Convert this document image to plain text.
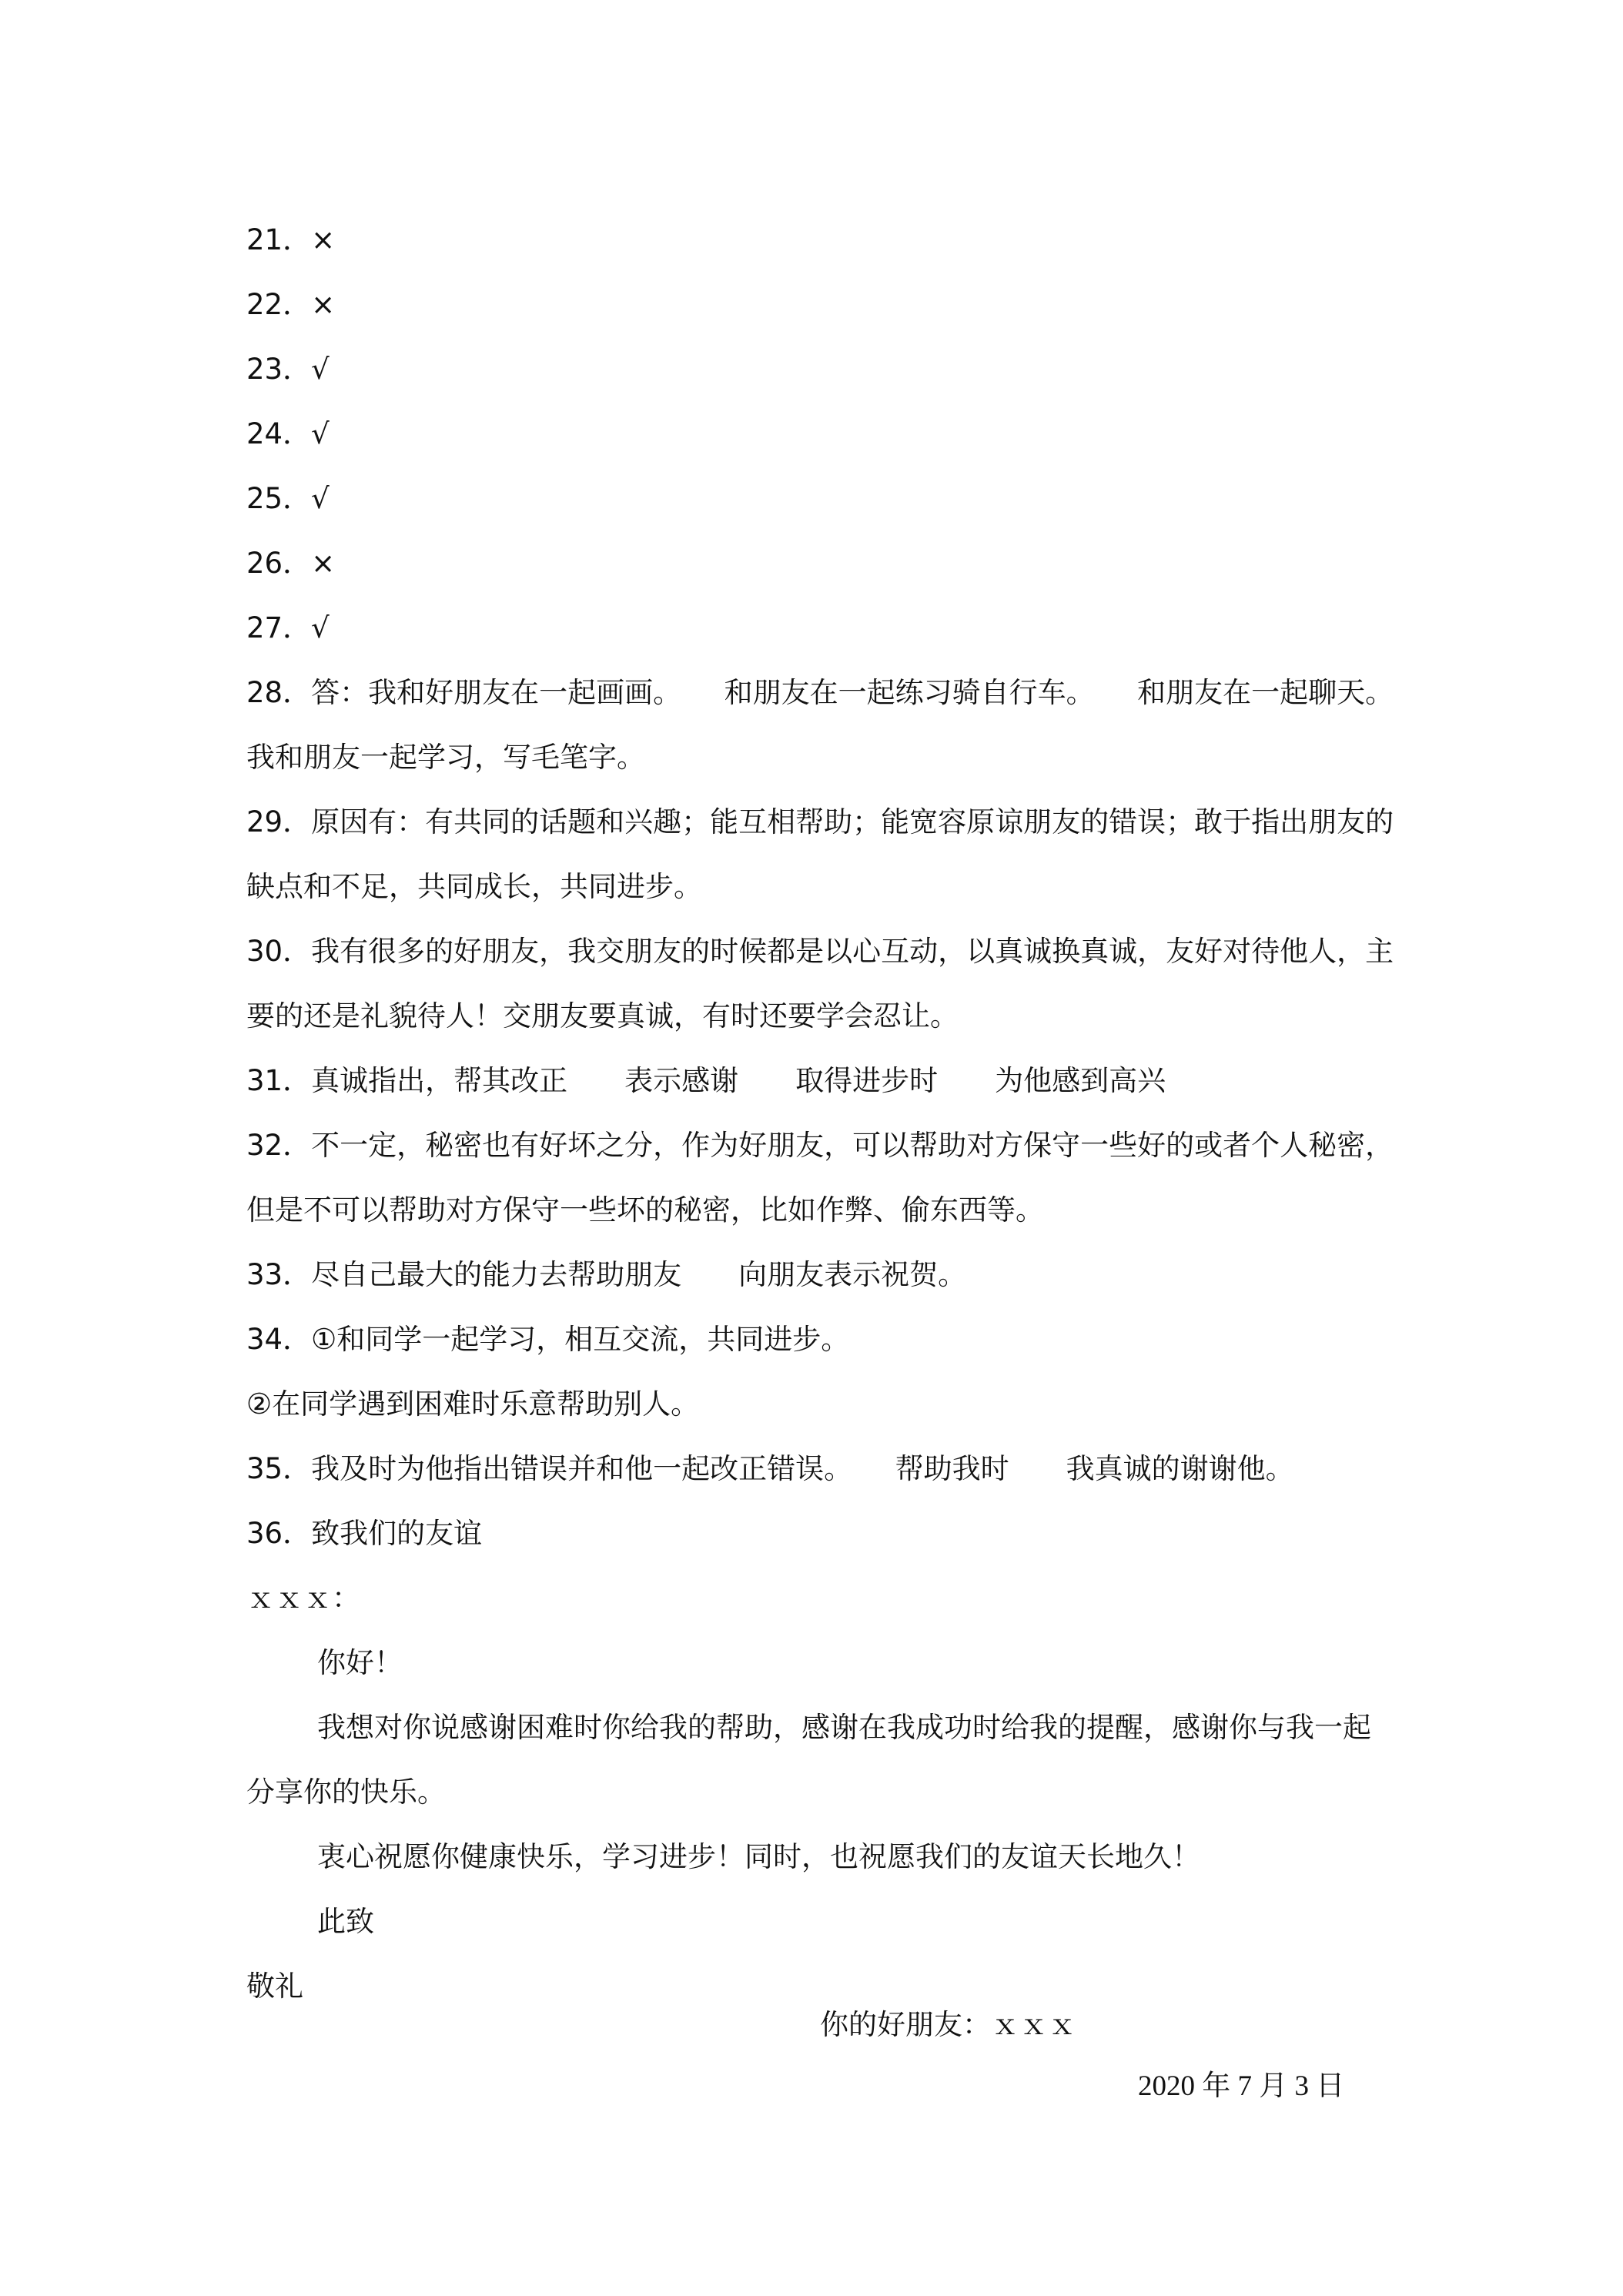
21．×

22．×

23．√

24．√

25．√

26．×

27．√

28．答：我和好朋友在一起画画。　　和朋友在一起练习骑自行车。　　和朋友在一起聊天。

我和朋友一起学习，写毛笔字。

29．原因有：有共同的话题和兴趣；能互相帮助；能宽容原谅朋友的错误；敢于指出朋友的

缺点和不足，共同成长，共同进步。

30．我有很多的好朋友，我交朋友的时候都是以心互动，以真诚换真诚，友好对待他人，主

要的还是礼貌待人！交朋友要真诚，有时还要学会忍让。

31．真诚指出，帮其改正　　表示感谢　　取得进步时　　为他感到高兴

32．不一定，秘密也有好坏之分，作为好朋友，可以帮助对方保守一些好的或者个人秘密，

但是不可以帮助对方保守一些坏的秘密，比如作弊、偷东西等。

33．尽自己最大的能力去帮助朋友　　向朋友表示祝贺。

34．①和同学一起学习，相互交流，共同进步。

②在同学遇到困难时乐意帮助别人。

35．我及时为他指出错误并和他一起改正错误。　　帮助我时　　我真诚的谢谢他。

36．致我们的友谊

ｘｘｘ：

你好！

我想对你说感谢困难时你给我的帮助，感谢在我成功时给我的提醒，感谢你与我一起

分享你的快乐。

衷心祝愿你健康快乐，学习进步！同时，也祝愿我们的友谊天长地久！

此致

敬礼

你的好朋友：ｘｘｘ
2020 年 7 月 3 日
